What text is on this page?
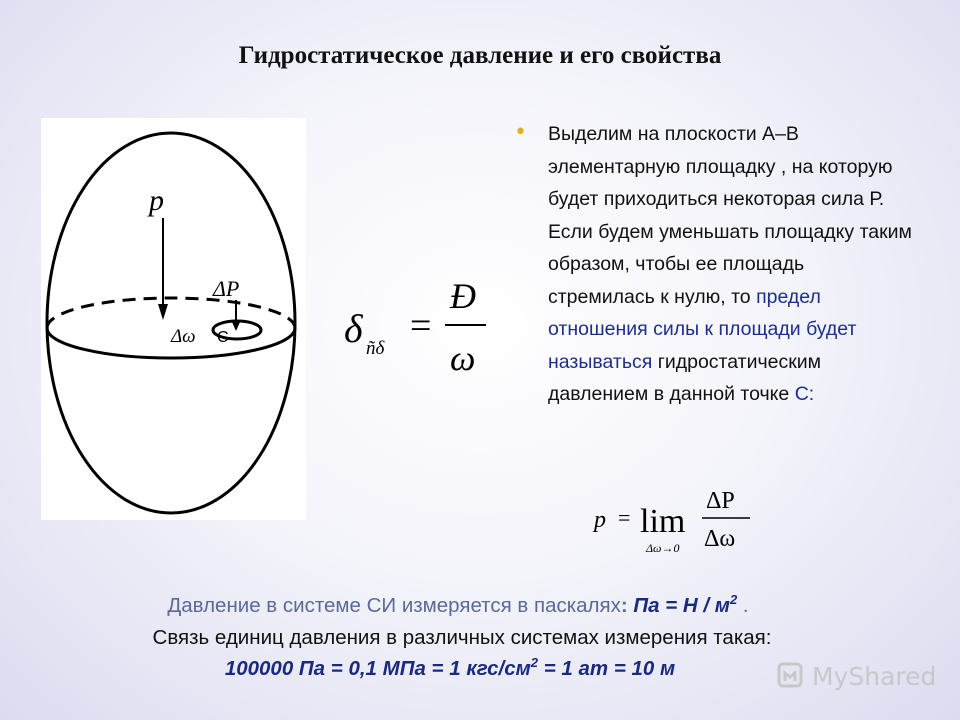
Гидростатическое давление и его свойства
p
ΔP
Δω C	δ ñδ
=
Đ
ω
• Выделим на плоскости А–В элементарную площадку , на которую будет приходиться некоторая сила Р. Если будем уменьшать площадку таким образом, чтобы ее площадь стремилась к нулю, то предел отношения силы к площади будет называться гидростатическим давлением в данной точке С:
p = lim
Δω→0
ΔP
Δω
Давление в системе СИ измеряется в паскалях: Па = Н / $м^2$ .
Связь единиц давления в различных системах измерения такая:
100000 Па = 0,1 МПа = 1 кгс/$см^2 = 1$ ат = 10 м	MyShared
